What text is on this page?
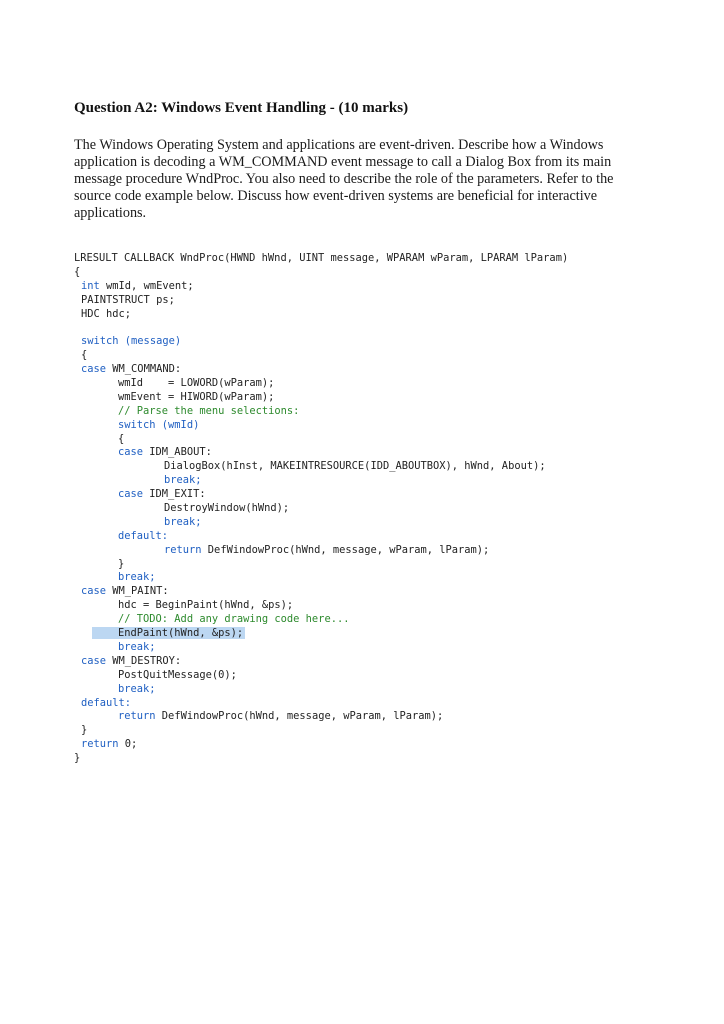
Question A2: Windows Event Handling - (10 marks)
The Windows Operating System and applications are event-driven. Describe how a Windows
application is decoding a WM_COMMAND event message to call a Dialog Box from its main
message procedure WndProc. You also need to describe the role of the parameters. Refer to the
source code example below. Discuss how event-driven systems are beneficial for interactive
applications.
LRESULT CALLBACK WndProc(HWND hWnd, UINT message, WPARAM wParam, LPARAM lParam)
{
int wmId, wmEvent;
PAINTSTRUCT ps;
HDC hdc;
switch (message)
{
case WM_COMMAND:
wmId    = LOWORD(wParam);
wmEvent = HIWORD(wParam);
// Parse the menu selections:
switch (wmId)
{
case IDM_ABOUT:
DialogBox(hInst, MAKEINTRESOURCE(IDD_ABOUTBOX), hWnd, About);
break;
case IDM_EXIT:
DestroyWindow(hWnd);
break;
default:
return DefWindowProc(hWnd, message, wParam, lParam);
}
break;
case WM_PAINT:
hdc = BeginPaint(hWnd, &ps);
// TODO: Add any drawing code here...
EndPaint(hWnd, &ps);
break;
case WM_DESTROY:
PostQuitMessage(0);
break;
default:
return DefWindowProc(hWnd, message, wParam, lParam);
}
return 0;
}
